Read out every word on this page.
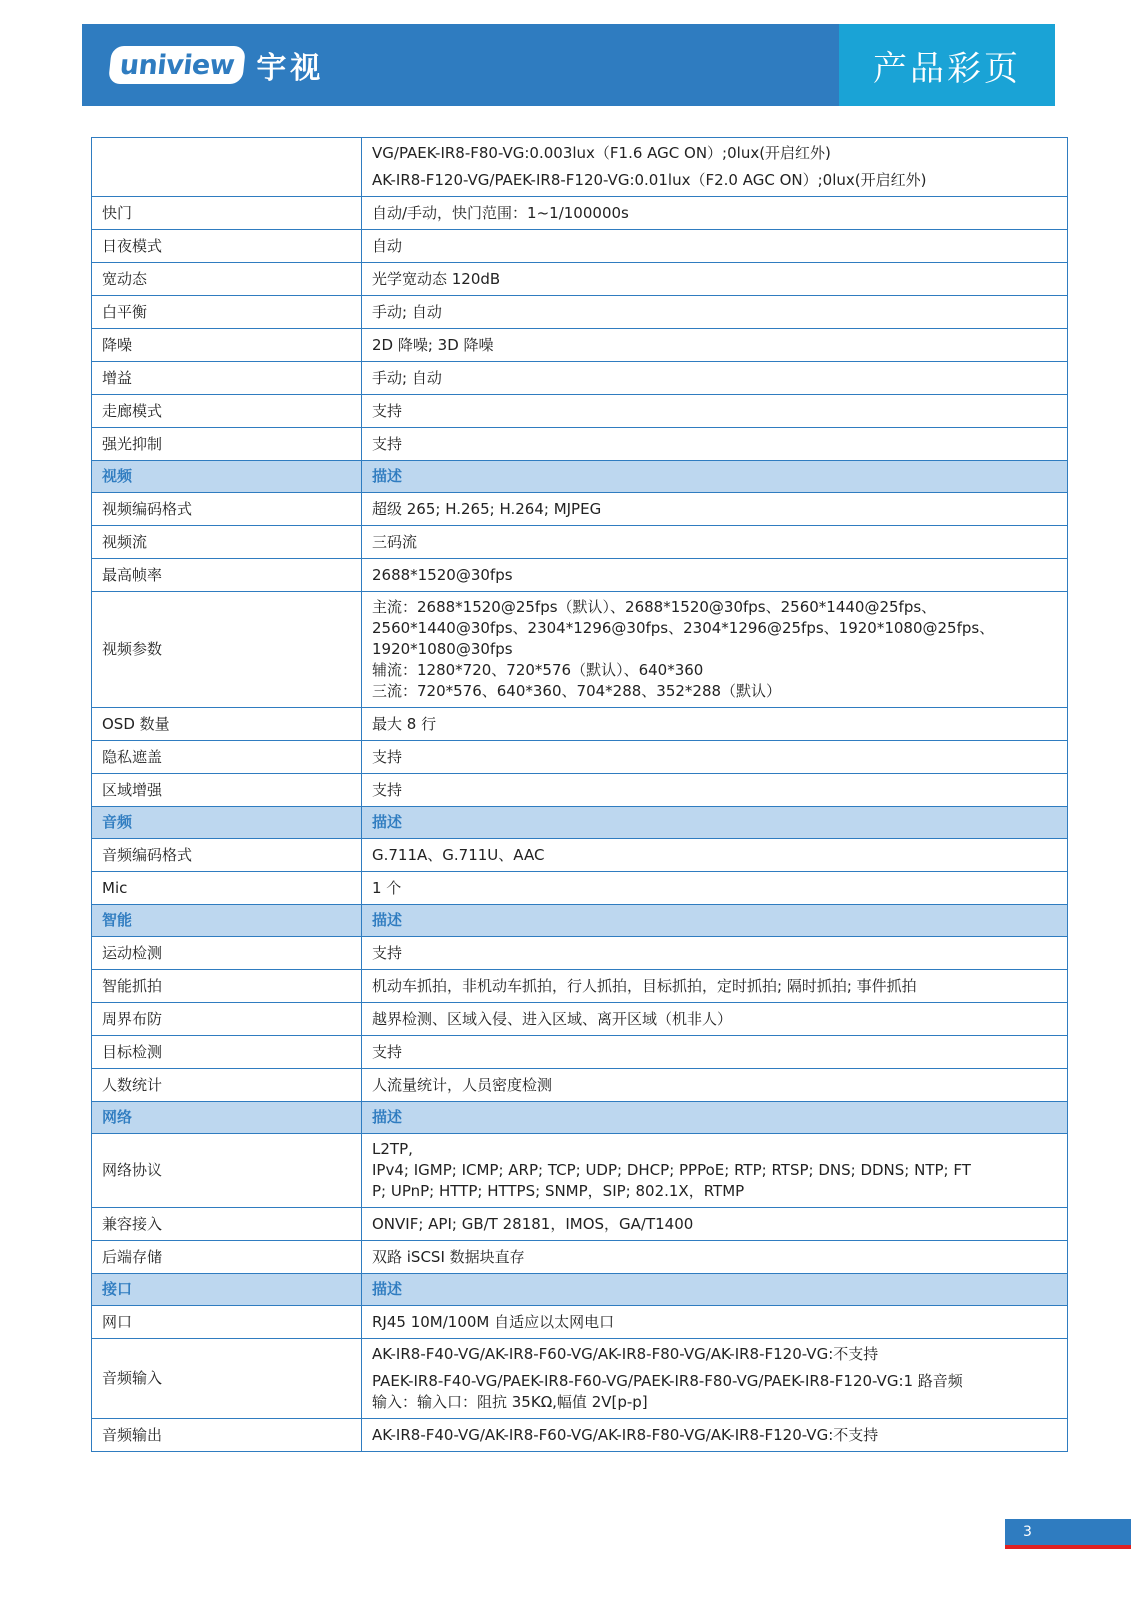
uniview 宇视	产品彩页

	VG/PAEK-IR8-F80-VG:0.003lux（F1.6 AGC ON）;0lux(开启红外)
AK-IR8-F120-VG/PAEK-IR8-F120-VG:0.01lux（F2.0 AGC ON）;0lux(开启红外)

快门	自动/手动，快门范围：1~1/100000s

日夜模式	自动

宽动态	光学宽动态 120dB

白平衡	手动; 自动

降噪	2D 降噪; 3D 降噪

增益	手动; 自动

走廊模式	支持

强光抑制	支持

视频	描述
视频编码格式	超级 265; H.265; H.264; MJPEG

视频流	三码流

最高帧率	2688*1520@30fps

视频参数	主流：2688*1520@25fps（默认）、2688*1520@30fps、2560*1440@25fps、
2560*1440@30fps、2304*1296@30fps、2304*1296@25fps、1920*1080@25fps、
1920*1080@30fps
辅流：1280*720、720*576（默认）、640*360
三流：720*576、640*360、704*288、352*288（默认）

OSD 数量	最大 8 行

隐私遮盖	支持

区域增强	支持

音频	描述
音频编码格式	G.711A、G.711U、AAC

Mic	1 个

智能	描述
运动检测	支持

智能抓拍	机动车抓拍，非机动车抓拍，行人抓拍，目标抓拍，定时抓拍; 隔时抓拍; 事件抓拍

周界布防	越界检测、区域入侵、进入区域、离开区域（机非人）

目标检测	支持

人数统计	人流量统计，人员密度检测

网络	描述
网络协议	L2TP,
IPv4; IGMP; ICMP; ARP; TCP; UDP; DHCP; PPPoE; RTP; RTSP; DNS; DDNS; NTP; FT
P; UPnP; HTTP; HTTPS; SNMP，SIP; 802.1X，RTMP

兼容接入	ONVIF; API; GB/T 28181，IMOS，GA/T1400

后端存储	双路 iSCSI 数据块直存

接口	描述
网口	RJ45 10M/100M 自适应以太网电口

音频输入	AK-IR8-F40-VG/AK-IR8-F60-VG/AK-IR8-F80-VG/AK-IR8-F120-VG:不支持
PAEK-IR8-F40-VG/PAEK-IR8-F60-VG/PAEK-IR8-F80-VG/PAEK-IR8-F120-VG:1 路音频
输入：输入口：阻抗 35KΩ,幅值 2V[p-p]

音频输出	AK-IR8-F40-VG/AK-IR8-F60-VG/AK-IR8-F80-VG/AK-IR8-F120-VG:不支持
3
